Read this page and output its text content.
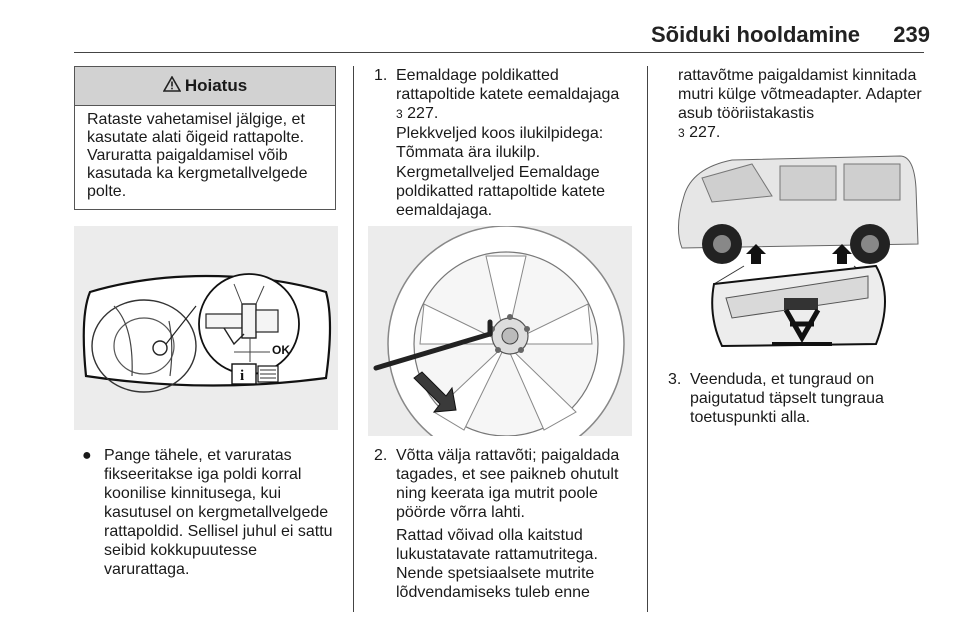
Sõiduki hooldamine	239
Hoiatus
Rataste vahetamisel jälgige, et kasutate alati õigeid rattapolte. Varuratta paigaldamisel võib kasutada ka kergmetallvelgede polte.
OK
i
● Pange tähele, et varuratas fikseeritakse iga poldi korral koonilise kinnitusega, kui kasutusel on kergmetallvelgede rattapoldid. Sellisel juhul ei sattu seibid kokkupuutesse varurattaga.
1. Eemaldage poldikatted rattapoltide katete eemaldajaga
3 227.
Plekkveljed koos ilukilpidega: Tõmmata ära ilukilp.
Kergmetallveljed Eemaldage poldikatted rattapoltide katete eemaldajaga.
2. Võtta välja rattavõti; paigaldada tagades, et see paikneb ohutult ning keerata iga mutrit poole pöörde võrra lahti.
Rattad võivad olla kaitstud lukustatavate rattamutritega. Nende spetsiaalsete mutrite lõdvendamiseks tuleb enne
rattavõtme paigaldamist kinnitada mutri külge võtmeadapter. Adapter asub tööriistakastis
3 227.
3. Veenduda, et tungraud on paigutatud täpselt tungraua toetuspunkti alla.
